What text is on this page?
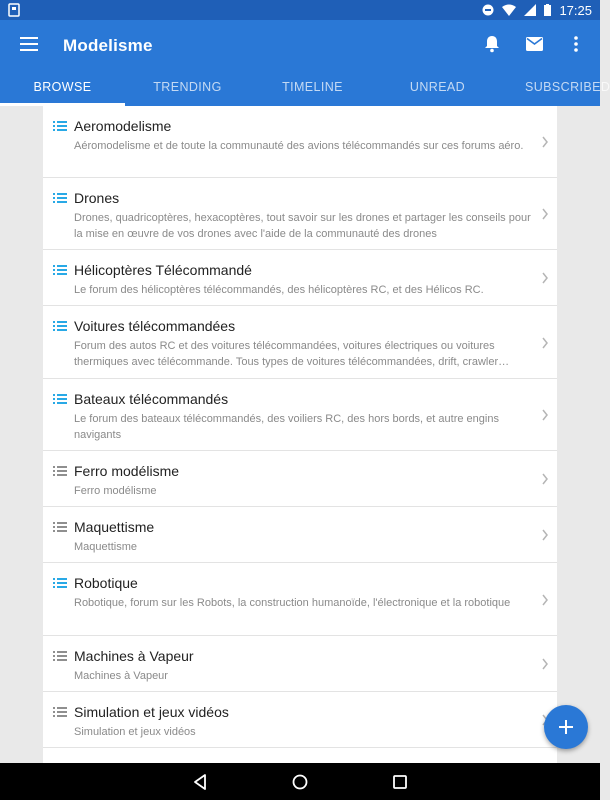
17:25
Modelisme
BROWSE	TRENDING	TIMELINE	UNREAD	SUBSCRIBED
Aeromodelisme
Aéromodelisme et de toute la communauté des avions télécommandés sur ces forums aéro.
Drones
Drones, quadricoptères, hexacoptères, tout savoir sur les drones et partager les conseils pour la mise en œuvre de vos drones avec l'aide de la communauté des drones
Hélicoptères Télécommandé
Le forum des hélicoptères télécommandés, des hélicoptères RC, et des Hélicos RC.
Voitures télécommandées
Forum des autos RC et des voitures télécommandées, voitures électriques ou voitures thermiques avec télécommande. Tous types de voitures télécommandées, drift, crawler…
Bateaux télécommandés
Le forum des bateaux télécommandés, des voiliers RC, des hors bords, et autre engins navigants
Ferro modélisme
Ferro modélisme
Maquettisme
Maquettisme
Robotique
Robotique, forum sur les Robots, la construction humanoïde, l'électronique et la robotique
Machines à Vapeur
Machines à Vapeur
Simulation et jeux vidéos
Simulation et jeux vidéos
